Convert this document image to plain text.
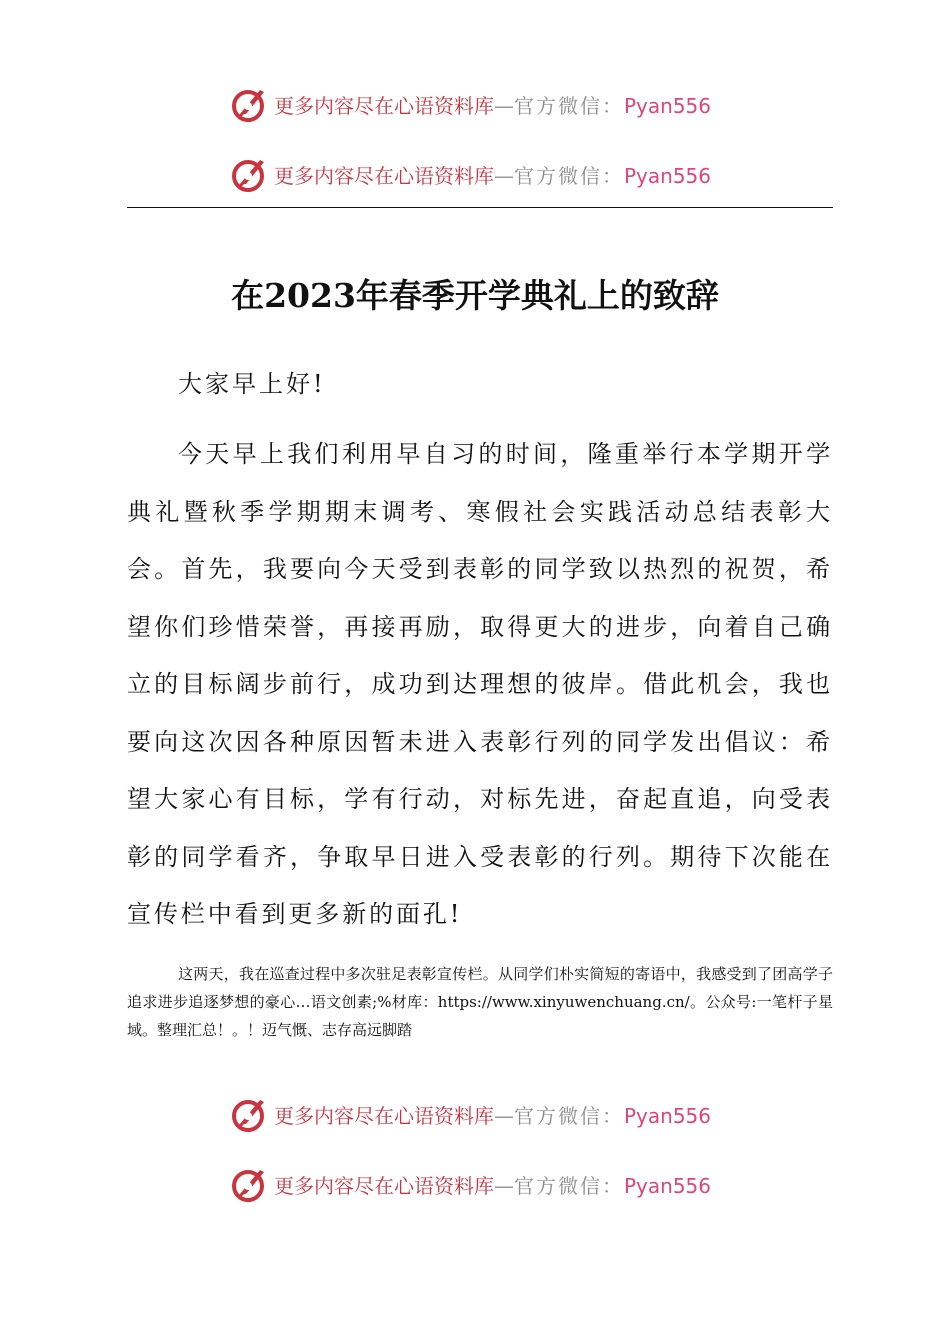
更多内容尽在心语资料库—官方微信：Pyan556
更多内容尽在心语资料库—官方微信：Pyan556
在2023年春季开学典礼上的致辞
大家早上好!
今天早上我们利用早自习的时间，隆重举行本学期开学典礼暨秋季学期期末调考、寒假社会实践活动总结表彰大会。首先，我要向今天受到表彰的同学致以热烈的祝贺，希望你们珍惜荣誉，再接再励，取得更大的进步，向着自己确立的目标阔步前行，成功到达理想的彼岸。借此机会，我也要向这次因各种原因暂未进入表彰行列的同学发出倡议：希望大家心有目标，学有行动，对标先进，奋起直追，向受表彰的同学看齐，争取早日进入受表彰的行列。期待下次能在宣传栏中看到更多新的面孔!
这两天，我在巡查过程中多次驻足表彰宣传栏。从同学们朴实简短的寄语中，我感受到了团高学子追求进步追逐梦想的豪心…语文创素;%材库：https://www.xinyuwenchuang.cn/。公众号:一笔杆子星域。整理汇总！。！迈气慨、志存高远脚踏
更多内容尽在心语资料库—官方微信：Pyan556
更多内容尽在心语资料库—官方微信：Pyan556
